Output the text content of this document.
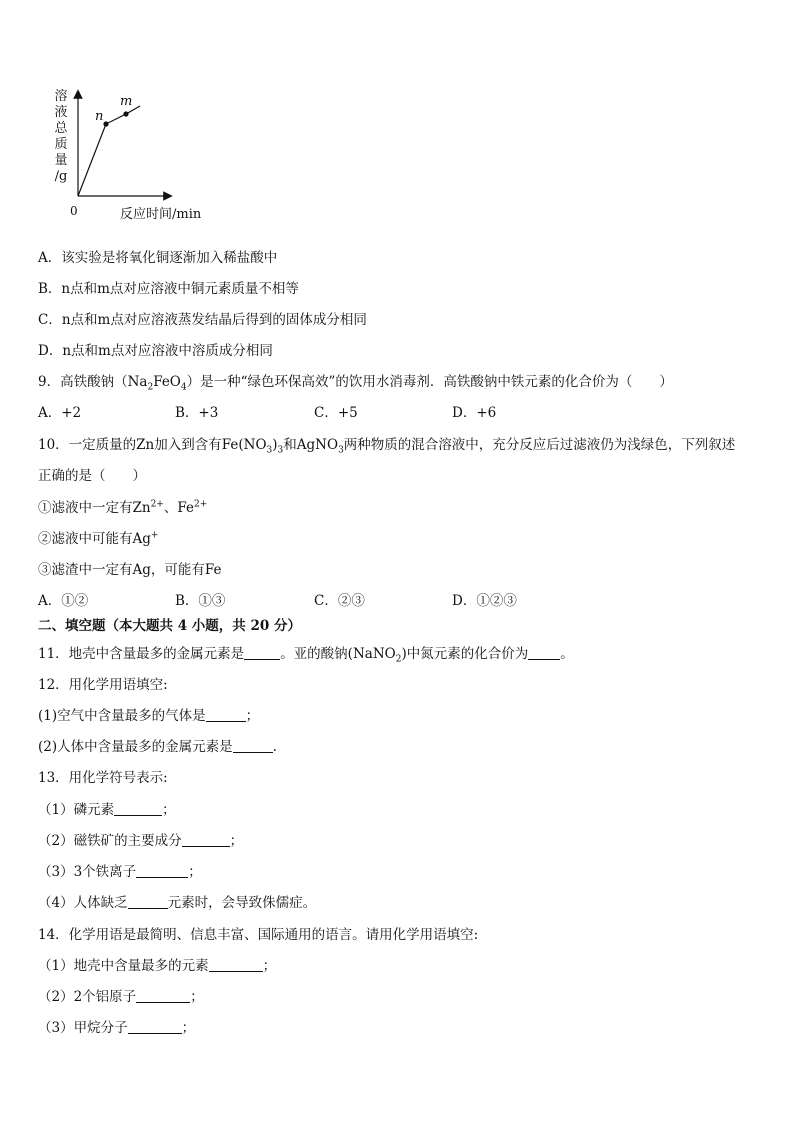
溶
液
总
质
量
/g
0	反应时间/min
n
m
A．该实验是将氧化铜逐渐加入稀盐酸中
B．n点和m点对应溶液中铜元素质量不相等
C．n点和m点对应溶液蒸发结晶后得到的固体成分相同
D．n点和m点对应溶液中溶质成分相同
9．高铁酸钠$(Na_2FeO_4)$是一种“绿色环保高效”的饮用水消毒剂．高铁酸钠中铁元素的化合价为（　　）
A．+2	B．+3	C．+5	D．+6
10．一定质量的Zn加入到含有$Fe(NO_3)_3$和AgNO$_3$两种物质的混合溶液中，充分反应后过滤液仍为浅绿色，下列叙述
正确的是（　　）
①滤液中一定有$Zn^{2+}$、$Fe^{2+}$
②滤液中可能有Ag+
③滤渣中一定有Ag，可能有Fe
A．①②	B．①③	C．②③	D．①②③
二、填空题（本大题共 4 小题，共 20 分）
11．地壳中含量最多的金属元素是	。亚的酸钠(NaNO$_2$)中氮元素的化合价为 。
12．用化学用语填空:
(1)空气中含量最多的气体是	；
(2)人体中含量最多的金属元素是	.
13．用化学符号表示:
（1）磷元素	；
（2）磁铁矿的主要成分	；
（3）3个铁离子	；
（4）人体缺乏	元素时，会导致侏儒症。
14．化学用语是最简明、信息丰富、国际通用的语言。请用化学用语填空:
（1）地壳中含量最多的元素	；
（2）2个铝原子	；
（3）甲烷分子	；
